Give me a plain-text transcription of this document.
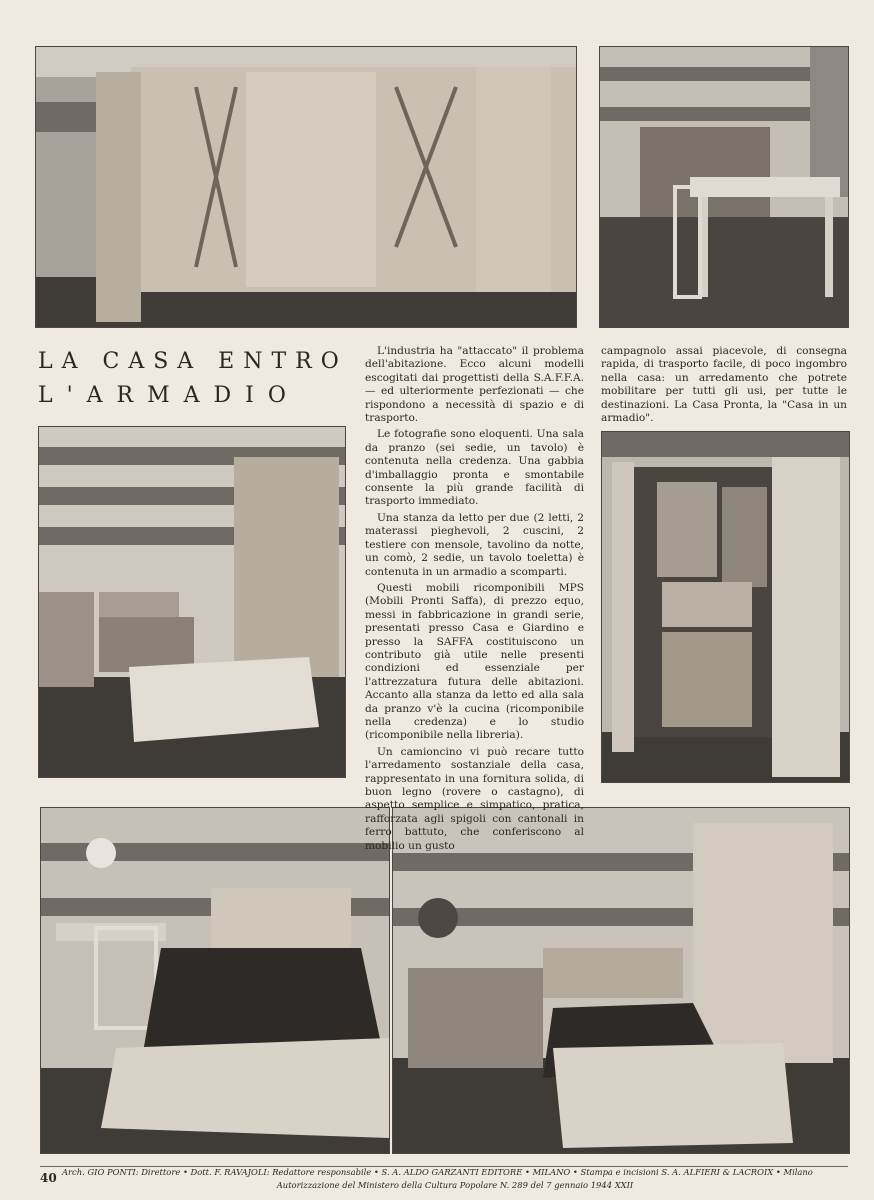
LA CASA ENTRO
L'ARMADIO

L'industria ha "attaccato" il problema dell'abitazione. Ecco alcuni modelli escogitati dai progettisti della S.A.F.F.A. — ed ulteriormente perfezionati — che rispondono a necessità di spazio e di trasporto.

Le fotografie sono eloquenti. Una sala da pranzo (sei sedie, un tavolo) è contenuta nella credenza. Una gabbia d'imballaggio pronta e smontabile consente la più grande facilità di trasporto immediato.

Una stanza da letto per due (2 letti, 2 materassi pieghevoli, 2 cuscini, 2 testiere con mensole, tavolino da notte, un comò, 2 sedie, un tavolo toeletta) è contenuta in un armadio a scomparti.

Questi mobili ricomponibili MPS (Mobili Pronti Saffa), di prezzo equo, messi in fabbricazione in grandi serie, presentati presso Casa e Giardino e presso la SAFFA costituiscono un contributo già utile nelle presenti condizioni ed essenziale per l'attrezzatura futura delle abitazioni. Accanto alla stanza da letto ed alla sala da pranzo v'è la cucina (ricomponibile nella credenza) e lo studio (ricomponibile nella libreria).

Un camioncino vi può recare tutto l'arredamento sostanziale della casa, rappresentato in una fornitura solida, di buon legno (rovere o castagno), di aspetto semplice e simpatico, pratica, rafforzata agli spigoli con cantonali in ferro battuto, che conferiscono al mobilio un gusto

campagnolo assai piacevole, di consegna rapida, di trasporto facile, di poco ingombro nella casa: un arredamento che potrete mobilitare per tutti gli usi, per tutte le destinazioni. La Casa Pronta, la "Casa in un armadio".

40 Arch. GIO PONTI: Direttore • Dott. F. RAVAJOLI: Redattore responsabile • S. A. ALDO GARZANTI EDITORE • MILANO • Stampa e incisioni S. A. ALFIERI & LACROIX • Milano
Autorizzazione del Ministero della Cultura Popolare N. 289 del 7 gennaio 1944 XXII
